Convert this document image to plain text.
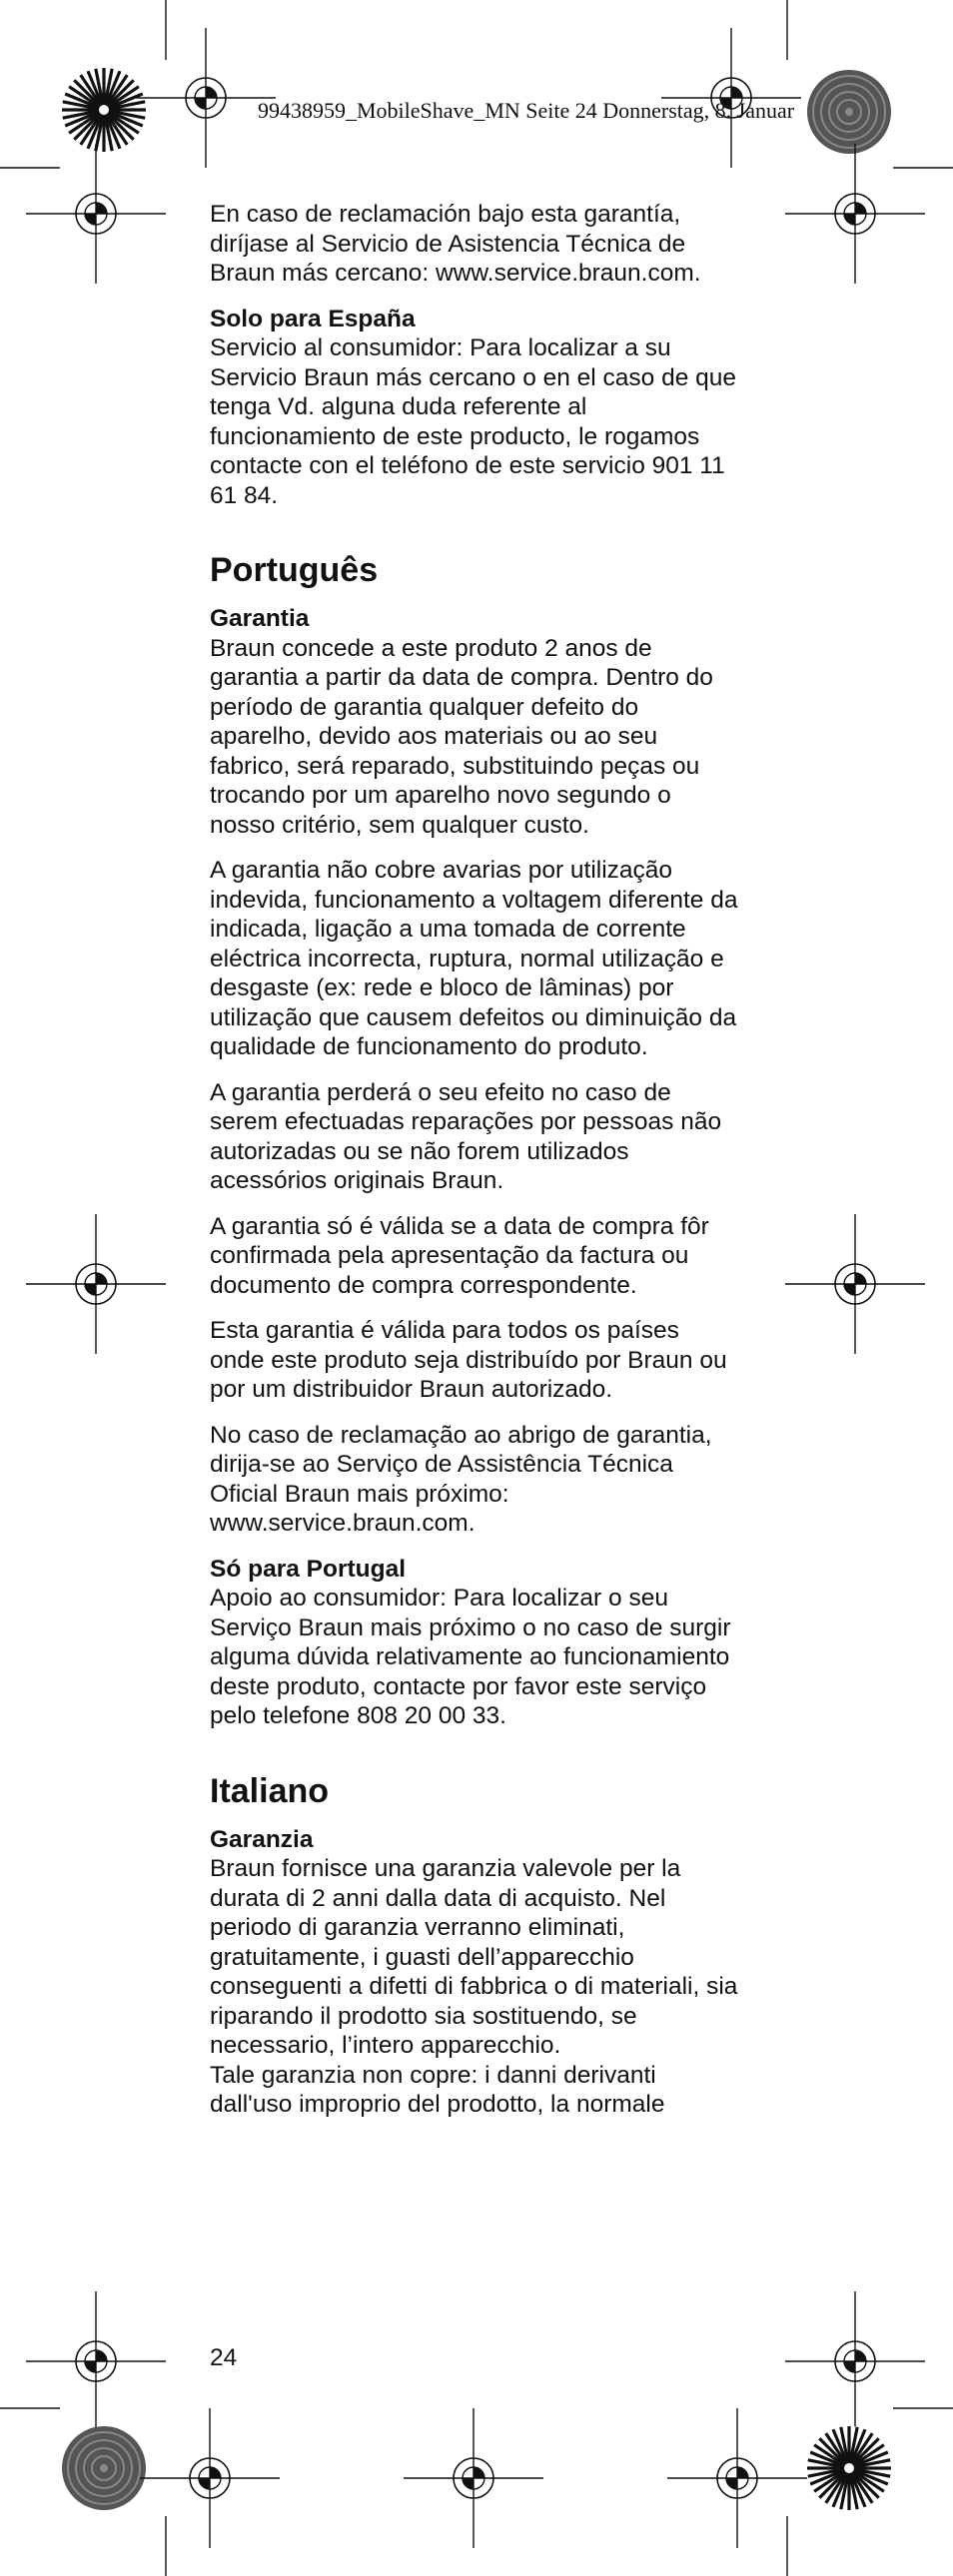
99438959_MobileShave_MN Seite 24 Donnerstag, 8. Januar

En caso de reclamación bajo esta garantía, diríjase al Servicio de Asistencia Técnica de Braun más cercano: www.service.braun.com.

Solo para España
Servicio al consumidor: Para localizar a su Servicio Braun más cercano o en el caso de que tenga Vd. alguna duda referente al funcionamiento de este producto, le rogamos contacte con el teléfono de este servicio 901 11 61 84.

Português

Garantia
Braun concede a este produto 2 anos de garantia a partir da data de compra. Dentro do período de garantia qualquer defeito do aparelho, devido aos materiais ou ao seu fabrico, será reparado, substituindo peças ou trocando por um aparelho novo segundo o nosso critério, sem qualquer custo.

A garantia não cobre avarias por utilização indevida, funcionamento a voltagem diferente da indicada, ligação a uma tomada de corrente eléctrica incorrecta, ruptura, normal utilização e desgaste (ex: rede e bloco de lâminas) por utilização que causem defeitos ou diminuição da qualidade de funcionamento do produto.

A garantia perderá o seu efeito no caso de serem efectuadas reparações por pessoas não autorizadas ou se não forem utilizados acessórios originais Braun.

A garantia só é válida se a data de compra fôr confirmada pela apresentação da factura ou documento de compra correspondente.

Esta garantia é válida para todos os países onde este produto seja distribuído por Braun ou por um distribuidor Braun autorizado.

No caso de reclamação ao abrigo de garantia, dirija-se ao Serviço de Assistência Técnica Oficial Braun mais próximo: www.service.braun.com.

Só para Portugal
Apoio ao consumidor: Para localizar o seu Serviço Braun mais próximo o no caso de surgir alguma dúvida relativamente ao funcionamiento deste produto, contacte por favor este serviço pelo telefone 808 20 00 33.

Italiano

Garanzia
Braun fornisce una garanzia valevole per la durata di 2 anni dalla data di acquisto. Nel periodo di garanzia verranno eliminati, gratuitamente, i guasti dell’apparecchio conseguenti a difetti di fabbrica o di materiali, sia riparando il prodotto sia sostituendo, se necessario, l’intero apparecchio.
Tale garanzia non copre: i danni derivanti dall'uso improprio del prodotto, la normale

24
